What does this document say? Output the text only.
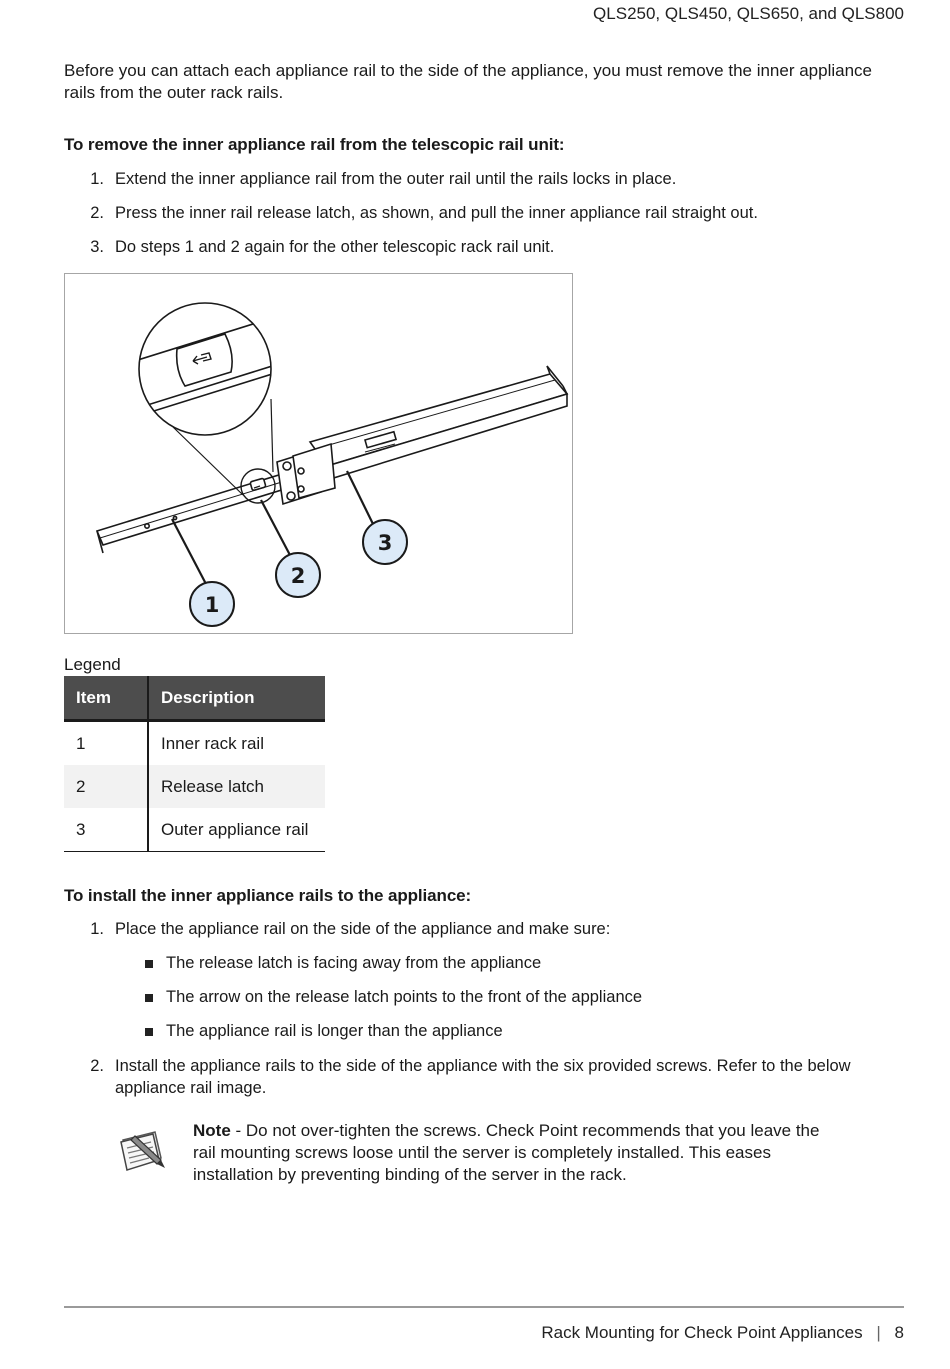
QLS250, QLS450, QLS650, and QLS800
Before you can attach each appliance rail to the side of the appliance, you must remove the inner appliance rails from the outer rack rails.
To remove the inner appliance rail from the telescopic rail unit:
1. Extend the inner appliance rail from the outer rail until the rails locks in place.
2. Press the inner rail release latch, as shown, and pull the inner appliance rail straight out.
3. Do steps 1 and 2 again for the other telescopic rack rail unit.
1
2
3
Legend
Item	Description
1	Inner rack rail
2	Release latch
3	Outer appliance rail
To install the inner appliance rails to the appliance:
1. Place the appliance rail on the side of the appliance and make sure:
The release latch is facing away from the appliance
The arrow on the release latch points to the front of the appliance
The appliance rail is longer than the appliance
2. Install the appliance rails to the side of the appliance with the six provided screws. Refer to the below
appliance rail image.
Note - Do not over-tighten the screws. Check Point recommends that you leave the rail mounting screws loose until the server is completely installed. This eases installation by preventing binding of the server in the rack.
Rack Mounting for Check Point Appliances | 8
